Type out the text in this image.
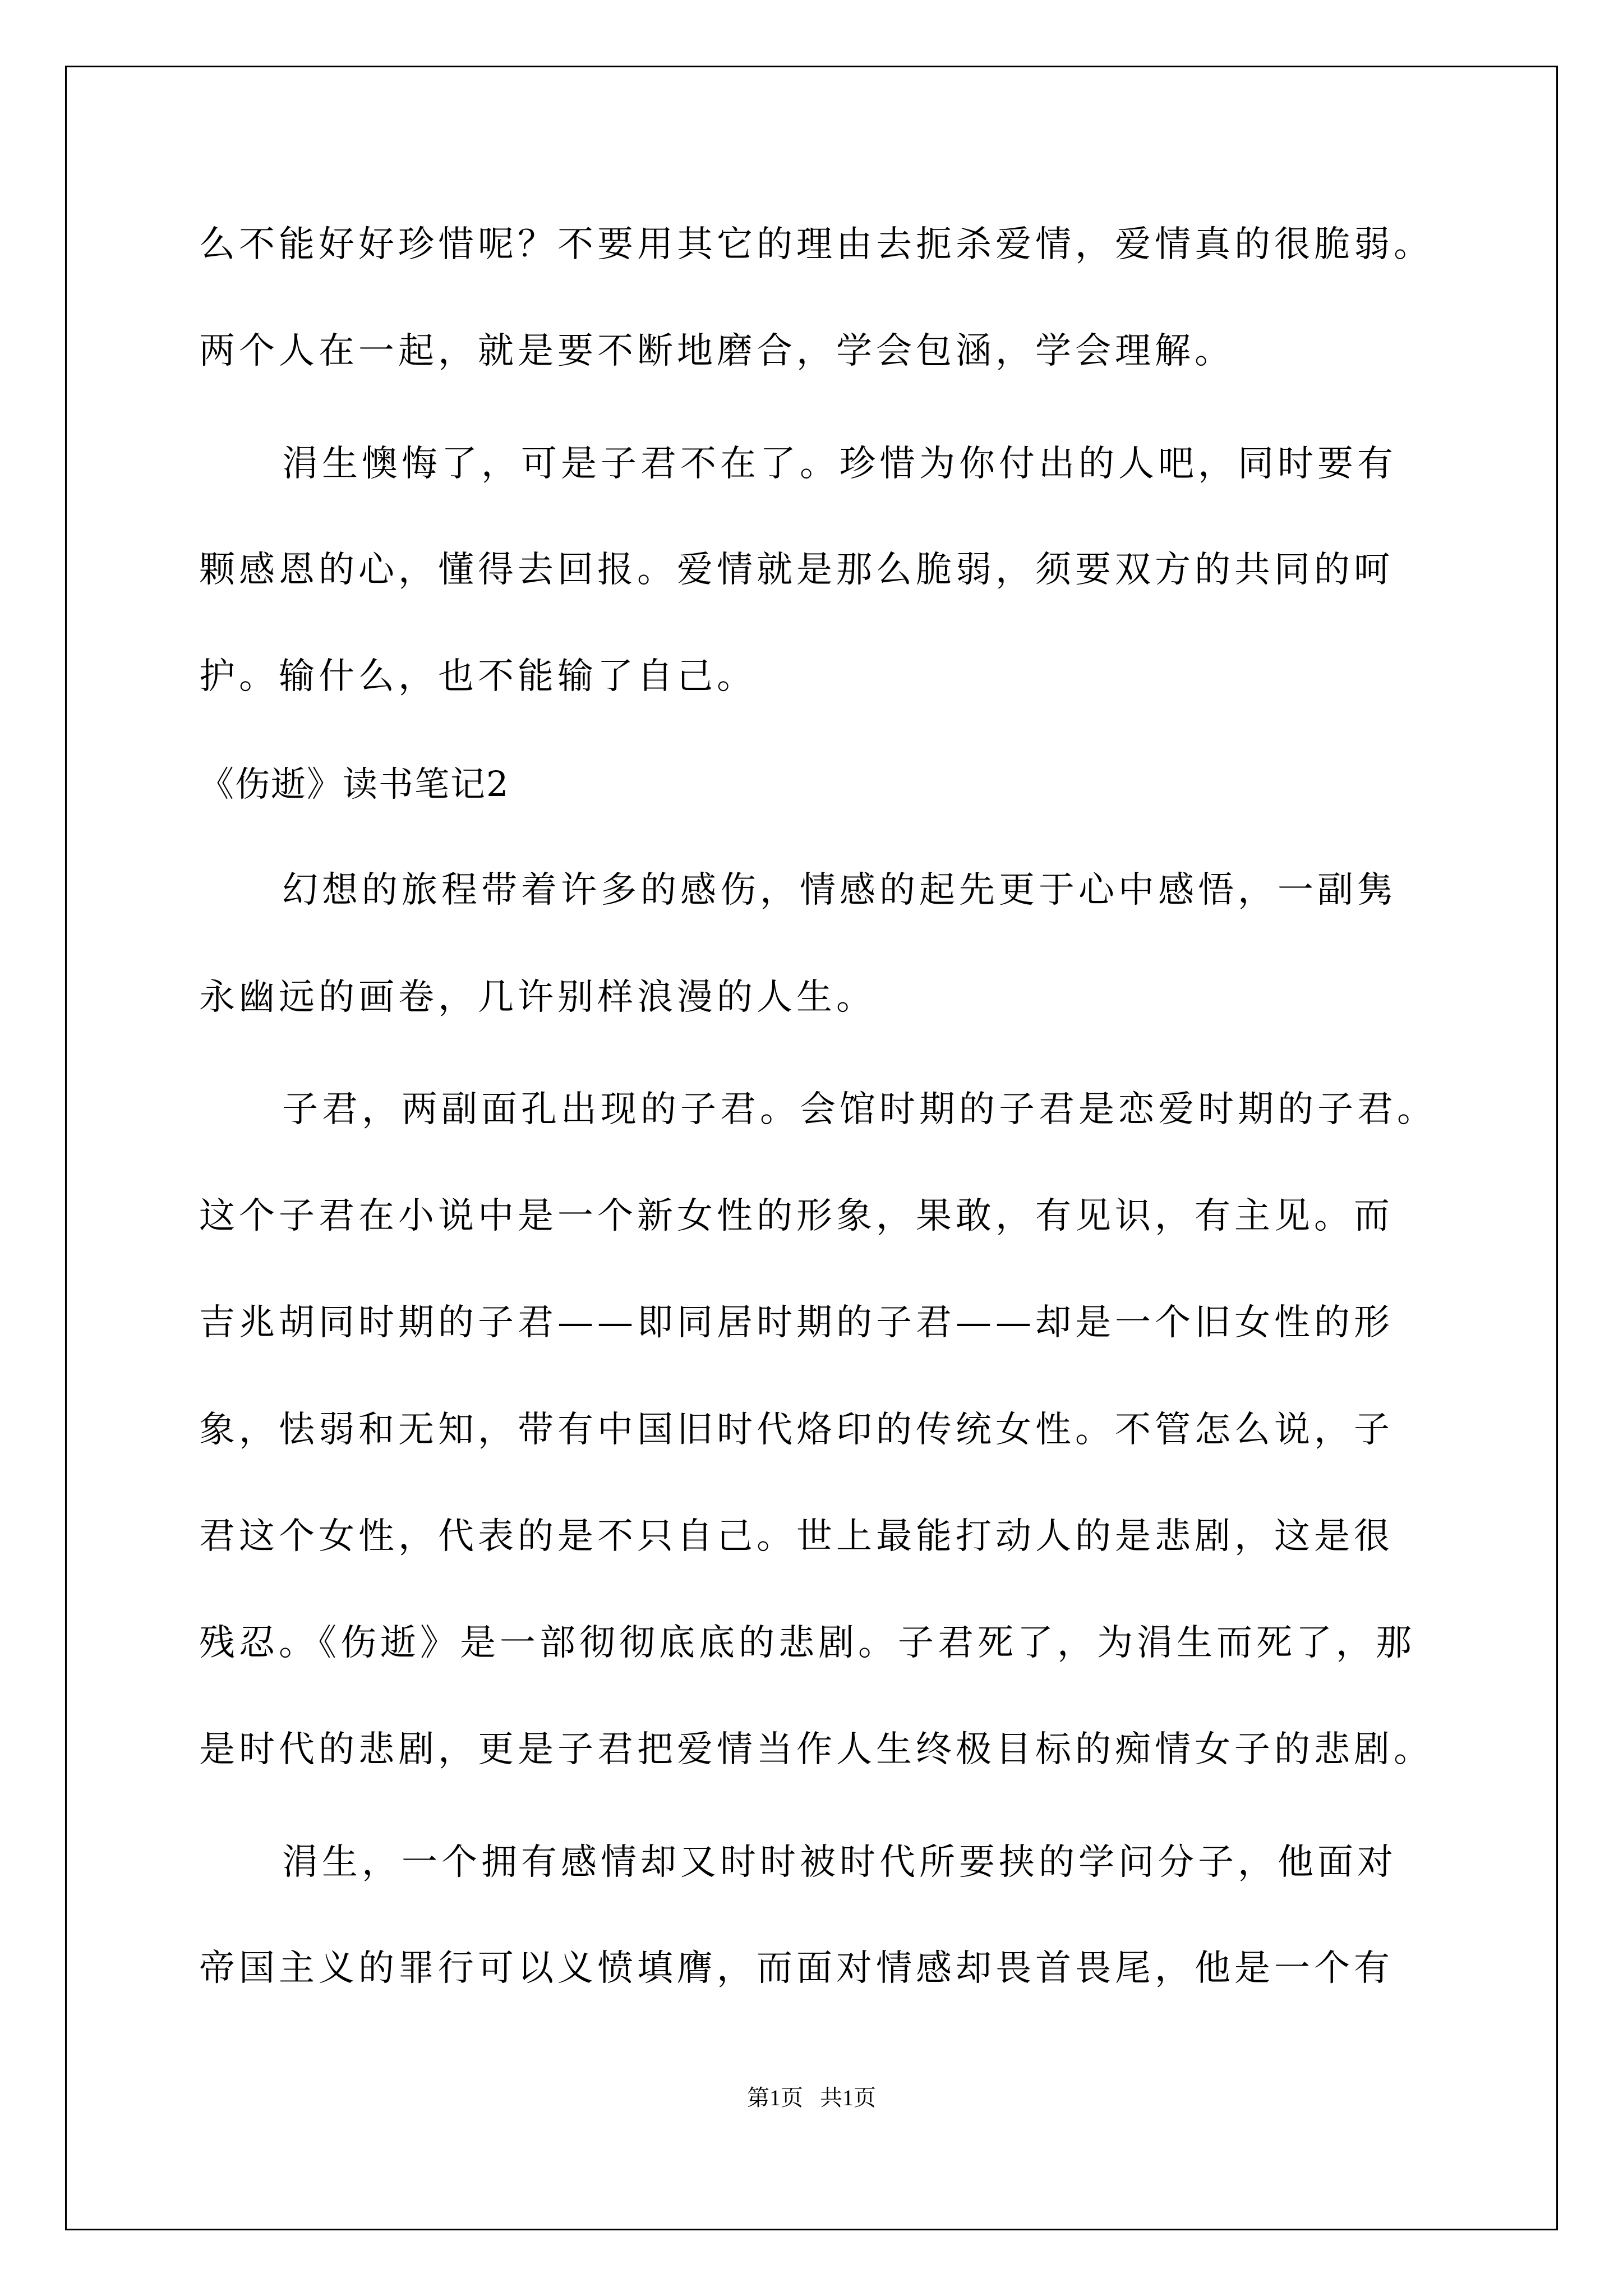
么不能好好珍惜呢？不要用其它的理由去扼杀爱情，爱情真的很脆弱。
两个人在一起，就是要不断地磨合，学会包涵，学会理解。
涓生懊悔了，可是子君不在了。珍惜为你付出的人吧，同时要有
颗感恩的心，懂得去回报。爱情就是那么脆弱，须要双方的共同的呵
护。输什么，也不能输了自己。
《伤逝》读书笔记2
幻想的旅程带着许多的感伤，情感的起先更于心中感悟，一副隽
永幽远的画卷，几许别样浪漫的人生。
子君，两副面孔出现的子君。会馆时期的子君是恋爱时期的子君。
这个子君在小说中是一个新女性的形象，果敢，有见识，有主见。而
吉兆胡同时期的子君——即同居时期的子君——却是一个旧女性的形
象，怯弱和无知，带有中国旧时代烙印的传统女性。不管怎么说，子
君这个女性，代表的是不只自己。世上最能打动人的是悲剧，这是很
残忍。《伤逝》是一部彻彻底底的悲剧。子君死了，为涓生而死了，那
是时代的悲剧，更是子君把爱情当作人生终极目标的痴情女子的悲剧。
涓生，一个拥有感情却又时时被时代所要挟的学问分子，他面对
帝国主义的罪行可以义愤填膺，而面对情感却畏首畏尾，他是一个有
第1页   共1页
